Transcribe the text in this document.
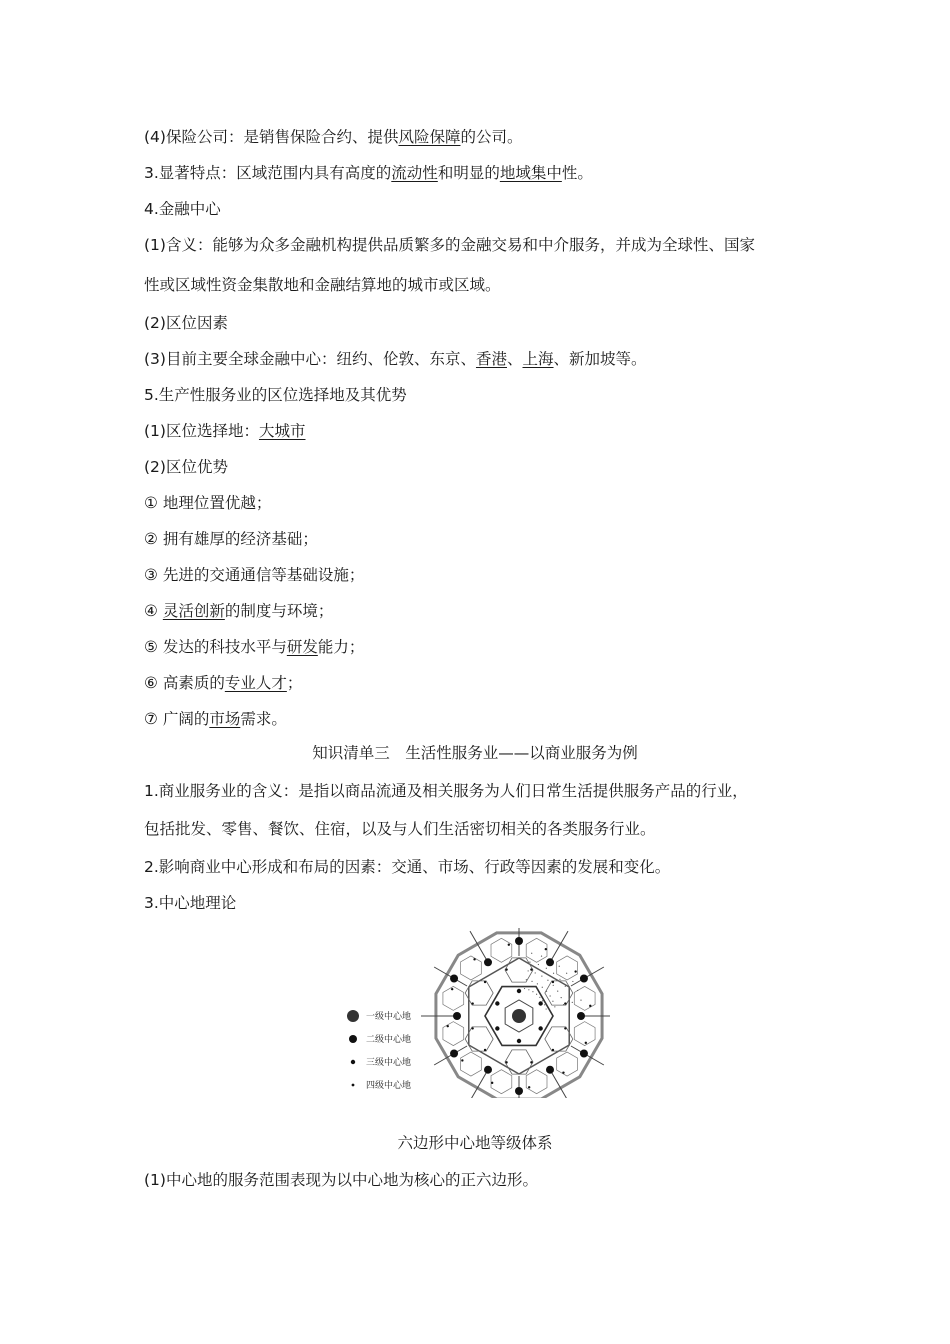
(4)保险公司：是销售保险合约、提供风险保障的公司。
3.显著特点：区域范围内具有高度的流动性和明显的地域集中性。
4.金融中心
(1)含义：能够为众多金融机构提供品质繁多的金融交易和中介服务，并成为全球性、国家
性或区域性资金集散地和金融结算地的城市或区域。
(2)区位因素
(3)目前主要全球金融中心：纽约、伦敦、东京、香港、上海、新加坡等。
5.生产性服务业的区位选择地及其优势
(1)区位选择地：大城市
(2)区位优势
① 地理位置优越；
② 拥有雄厚的经济基础；
③ 先进的交通通信等基础设施；
④ 灵活创新的制度与环境；
⑤ 发达的科技水平与研发能力；
⑥ 高素质的专业人才；
⑦ 广阔的市场需求。
知识清单三　生活性服务业——以商业服务为例
1.商业服务业的含义：是指以商品流通及相关服务为人们日常生活提供服务产品的行业，
包括批发、零售、餐饮、住宿，以及与人们生活密切相关的各类服务行业。
2.影响商业中心形成和布局的因素：交通、市场、行政等因素的发展和变化。
3.中心地理论
一级中心地
二级中心地
三级中心地
四级中心地
六边形中心地等级体系
(1)中心地的服务范围表现为以中心地为核心的正六边形。
